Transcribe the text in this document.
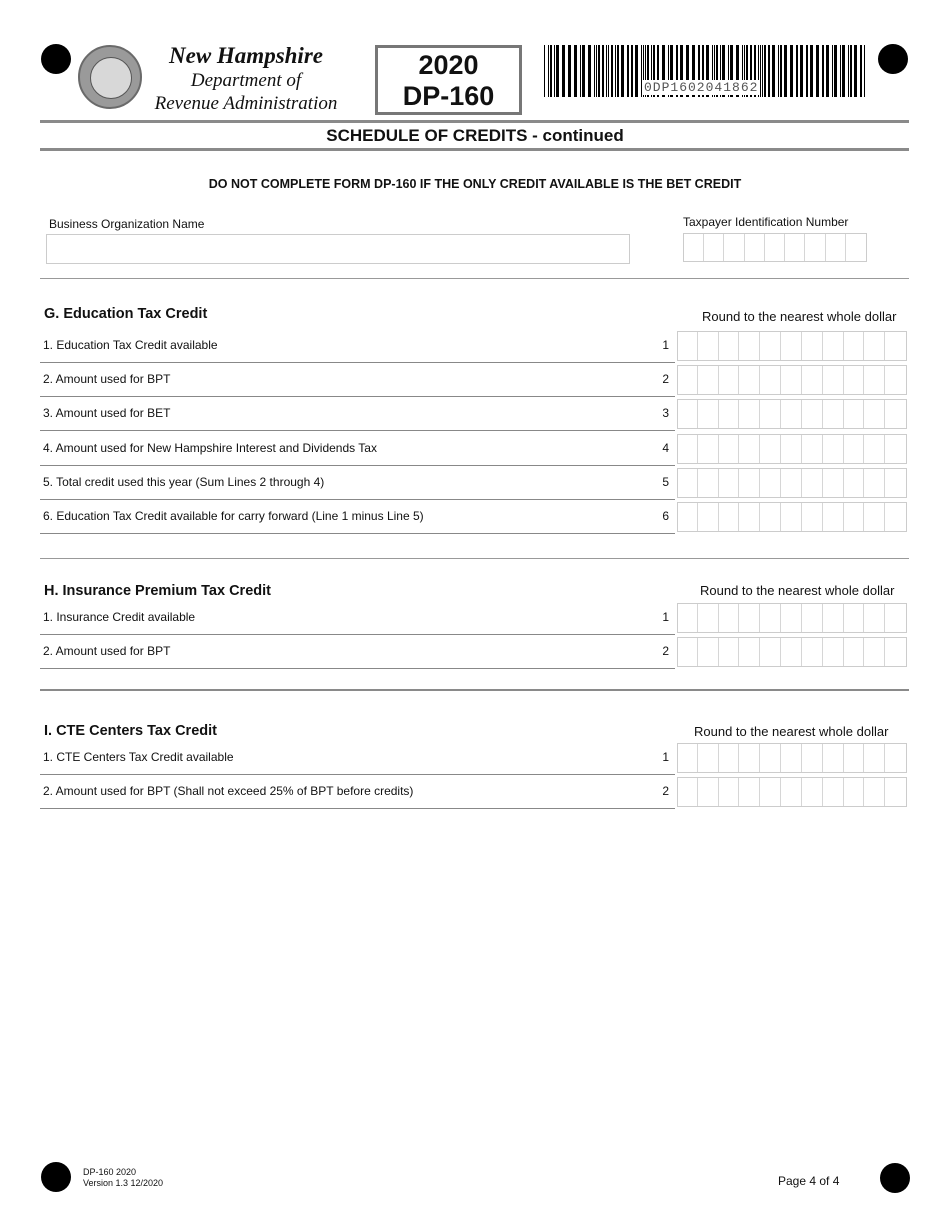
New Hampshire
Department of
Revenue Administration
2020
DP-160	0DP1602041862
SCHEDULE OF CREDITS - continued
DO NOT COMPLETE FORM DP-160 IF THE ONLY CREDIT AVAILABLE IS THE BET CREDIT
Business Organization Name	Taxpayer Identification Number
G. Education Tax Credit	Round to the nearest whole dollar
1. Education Tax Credit available	1
2. Amount used for BPT	2
3. Amount used for BET	3
4. Amount used for New Hampshire Interest and Dividends Tax	4
5. Total credit used this year (Sum Lines 2 through 4)	5
6. Education Tax Credit available for carry forward (Line 1 minus Line 5)	6
H. Insurance Premium Tax Credit	Round to the nearest whole dollar
1. Insurance Credit available	1
2. Amount used for BPT	2
I. CTE Centers Tax Credit	Round to the nearest whole dollar
1. CTE Centers Tax Credit available	1
2. Amount used for BPT (Shall not exceed 25% of BPT before credits)	2
DP-160 2020
Version 1.3 12/2020	Page 4 of 4
